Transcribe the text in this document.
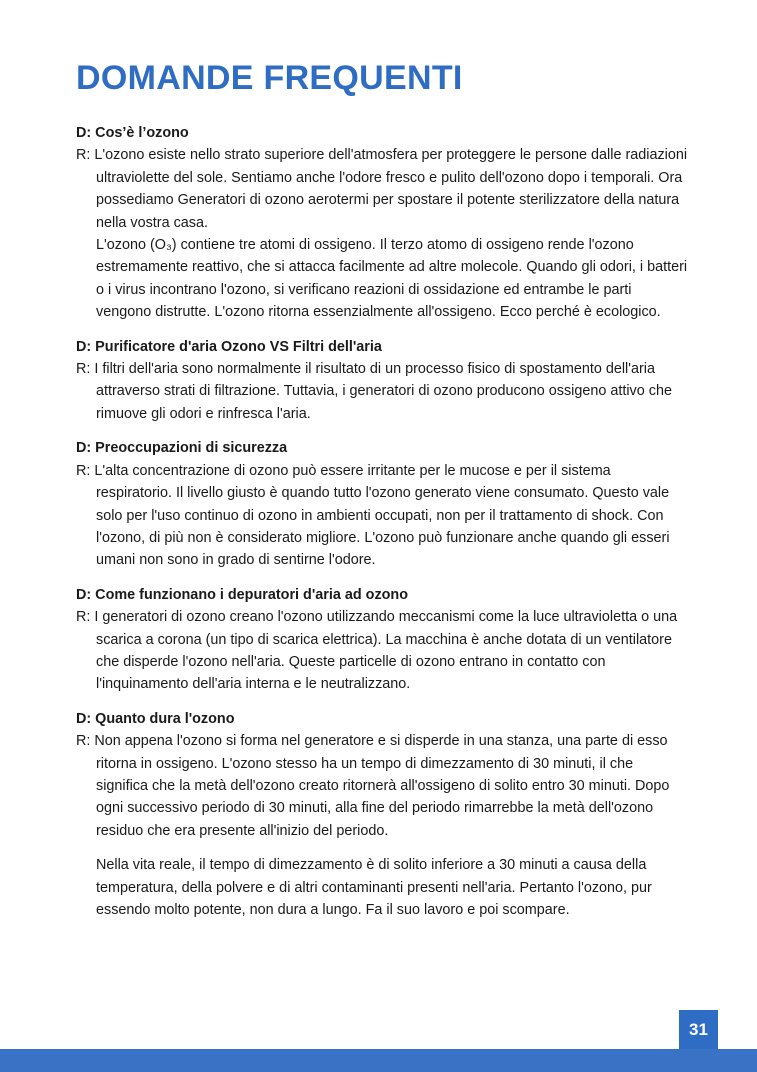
DOMANDE FREQUENTI

D: Cos’è l’ozono

R: L'ozono esiste nello strato superiore dell'atmosfera per proteggere le persone dalle radiazioni ultraviolette del sole. Sentiamo anche l'odore fresco e pulito dell'ozono dopo i temporali. Ora possediamo Generatori di ozono aerotermi per spostare il potente sterilizzatore della natura nella vostra casa.

L'ozono (O₃) contiene tre atomi di ossigeno. Il terzo atomo di ossigeno rende l'ozono estremamente reattivo, che si attacca facilmente ad altre molecole. Quando gli odori, i batteri o i virus incontrano l'ozono, si verificano reazioni di ossidazione ed entrambe le parti vengono distrutte. L'ozono ritorna essenzialmente all'ossigeno. Ecco perché è ecologico.

D: Purificatore d'aria Ozono VS Filtri dell'aria

R: I filtri dell'aria sono normalmente il risultato di un processo fisico di spostamento dell'aria attraverso strati di filtrazione. Tuttavia, i generatori di ozono producono ossigeno attivo che rimuove gli odori e rinfresca l'aria.

D: Preoccupazioni di sicurezza

R: L'alta concentrazione di ozono può essere irritante per le mucose e per il sistema respiratorio. Il livello giusto è quando tutto l'ozono generato viene consumato. Questo vale solo per l'uso continuo di ozono in ambienti occupati, non per il trattamento di shock. Con l'ozono, di più non è considerato migliore. L'ozono può funzionare anche quando gli esseri umani non sono in grado di sentirne l'odore.

D: Come funzionano i depuratori d'aria ad ozono

R: I generatori di ozono creano l'ozono utilizzando meccanismi come la luce ultravioletta o una scarica a corona (un tipo di scarica elettrica). La macchina è anche dotata di un ventilatore che disperde l'ozono nell'aria. Queste particelle di ozono entrano in contatto con l'inquinamento dell'aria interna e le neutralizzano.

D: Quanto dura l'ozono

R: Non appena l'ozono si forma nel generatore e si disperde in una stanza, una parte di esso ritorna in ossigeno. L'ozono stesso ha un tempo di dimezzamento di 30 minuti, il che significa che la metà dell'ozono creato ritornerà all'ossigeno di solito entro 30 minuti. Dopo ogni successivo periodo di 30 minuti, alla fine del periodo rimarrebbe la metà dell'ozono residuo che era presente all'inizio del periodo.

Nella vita reale, il tempo di dimezzamento è di solito inferiore a 30 minuti a causa della temperatura, della polvere e di altri contaminanti presenti nell'aria. Pertanto l'ozono, pur essendo molto potente, non dura a lungo. Fa il suo lavoro e poi scompare.

31
